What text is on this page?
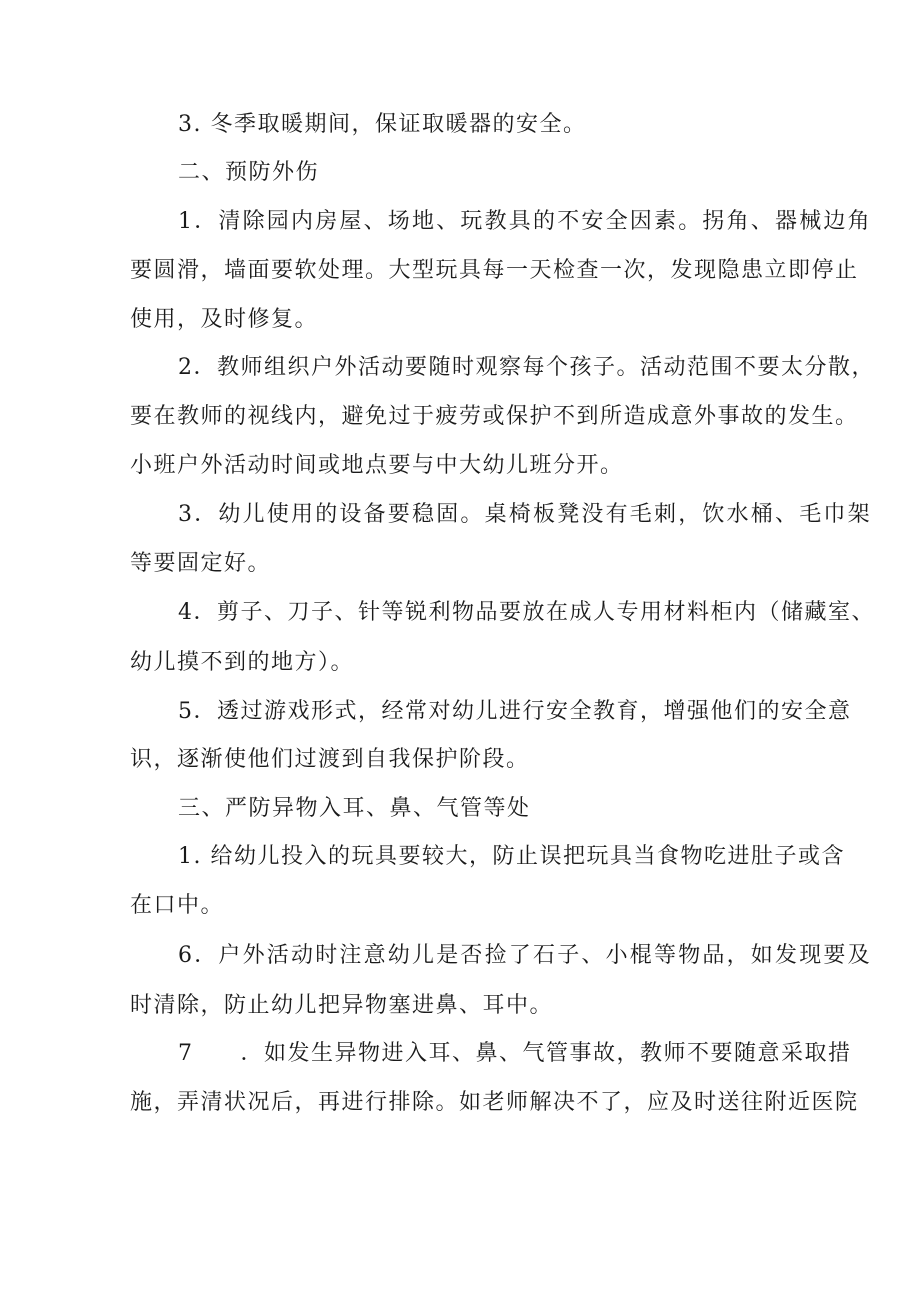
3. 冬季取暖期间，保证取暖器的安全。
二、预防外伤
1．清除园内房屋、场地、玩教具的不安全因素。拐角、器械边角
要圆滑，墙面要软处理。大型玩具每一天检查一次，发现隐患立即停止
使用，及时修复。
2．教师组织户外活动要随时观察每个孩子。活动范围不要太分散，
要在教师的视线内，避免过于疲劳或保护不到所造成意外事故的发生。
小班户外活动时间或地点要与中大幼儿班分开。
3．幼儿使用的设备要稳固。桌椅板凳没有毛刺，饮水桶、毛巾架
等要固定好。
4．剪子、刀子、针等锐利物品要放在成人专用材料柜内（储藏室、
幼儿摸不到的地方）。
5．透过游戏形式，经常对幼儿进行安全教育，增强他们的安全意
识，逐渐使他们过渡到自我保护阶段。
三、严防异物入耳、鼻、气管等处
1. 给幼儿投入的玩具要较大，防止误把玩具当食物吃进肚子或含
在口中。
6．户外活动时注意幼儿是否捡了石子、小棍等物品，如发现要及
时清除，防止幼儿把异物塞进鼻、耳中。
7　　．如发生异物进入耳、鼻、气管事故，教师不要随意采取措
施，弄清状况后，再进行排除。如老师解决不了，应及时送往附近医院
